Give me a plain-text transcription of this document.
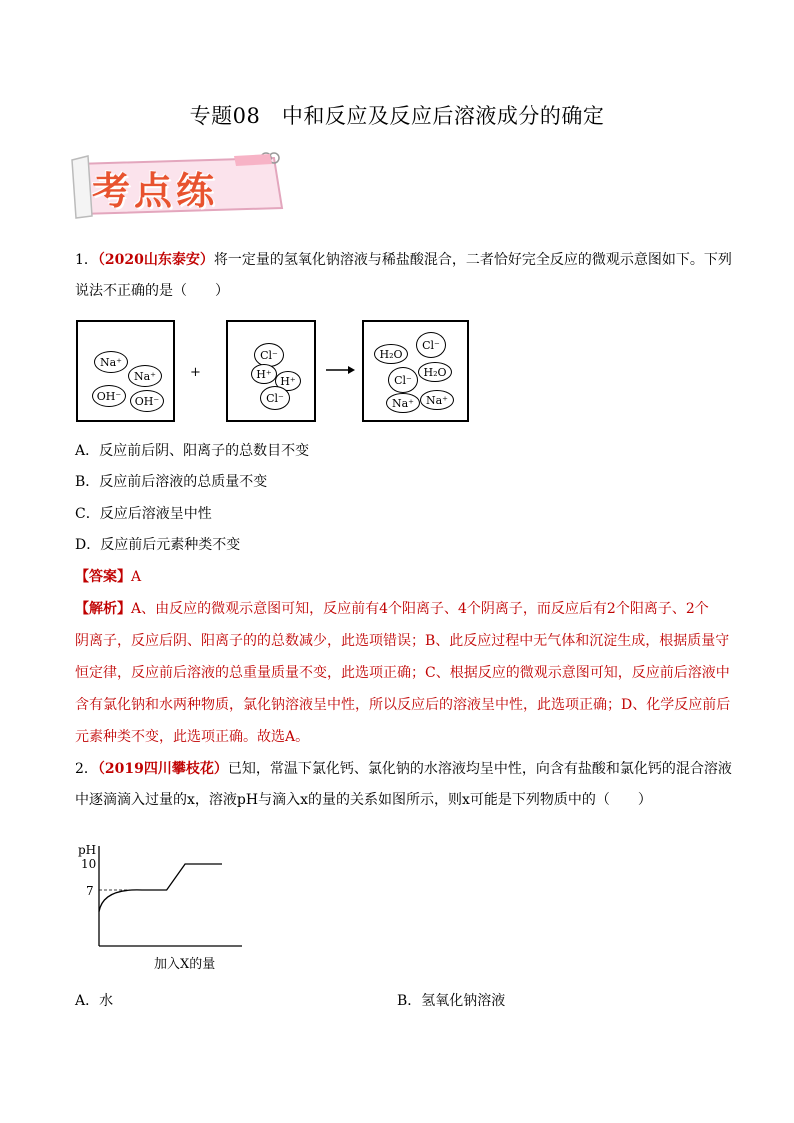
专题08　中和反应及反应后溶液成分的确定
考点练
1．（2020山东泰安）将一定量的氢氧化钠溶液与稀盐酸混合，二者恰好完全反应的微观示意图如下。下列
说法不正确的是（　　）
Na⁺
Na⁺
OH⁻	OH⁻
+
Cl⁻
H⁺
H⁺
Cl⁻
H₂O
Cl⁻
Cl⁻
H₂O
Na⁺	Na⁺
A．反应前后阴、阳离子的总数目不变
B．反应前后溶液的总质量不变
C．反应后溶液呈中性
D．反应前后元素种类不变
【答案】A
【解析】A、由反应的微观示意图可知，反应前有4个阳离子、4个阴离子，而反应后有2个阳离子、2个
阴离子，反应后阴、阳离子的的总数减少，此选项错误；B、此反应过程中无气体和沉淀生成，根据质量守
恒定律，反应前后溶液的总重量质量不变，此选项正确；C、根据反应的微观示意图可知，反应前后溶液中
含有氯化钠和水两种物质，氯化钠溶液呈中性，所以反应后的溶液呈中性，此选项正确；D、化学反应前后
元素种类不变，此选项正确。故选A。
2．（2019四川攀枝花）已知，常温下氯化钙、氯化钠的水溶液均呈中性，向含有盐酸和氯化钙的混合溶液
中逐滴滴入过量的x，溶液pH与滴入x的量的关系如图所示，则x可能是下列物质中的（　　）
pH
10
7
加入X的量
A．水	B．氢氧化钠溶液
